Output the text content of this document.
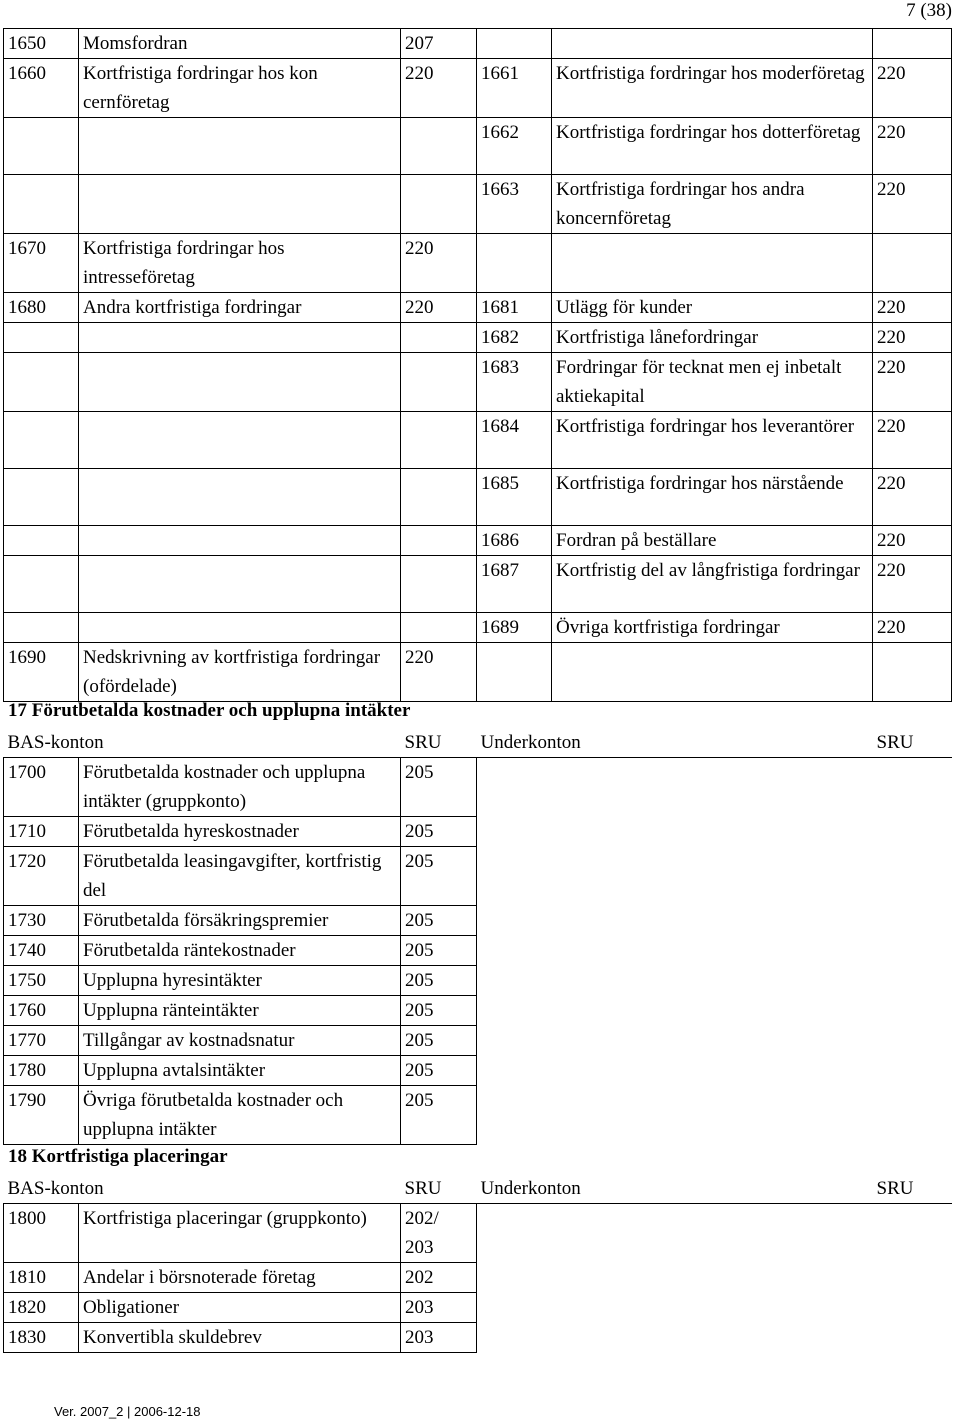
7 (38)
1650	Momsfordran	207			
1660	Kortfristiga fordringar hos kon cernföretag	220	1661	Kortfristiga fordringar hos moderföretag	220
			1662	Kortfristiga fordringar hos dotterföretag	220
			1663	Kortfristiga fordringar hos andra koncernföretag	220
1670	Kortfristiga fordringar hos intresseföretag	220			
1680	Andra kortfristiga fordringar	220	1681	Utlägg för kunder	220
			1682	Kortfristiga lånefordringar	220
			1683	Fordringar för tecknat men ej inbetalt aktiekapital	220
			1684	Kortfristiga fordringar hos leverantörer	220
			1685	Kortfristiga fordringar hos närstående	220
			1686	Fordran på beställare	220
			1687	Kortfristig del av långfristiga fordringar	220
			1689	Övriga kortfristiga fordringar	220
1690	Nedskrivning av kortfristiga fordringar (ofördelade)	220			
17 Förutbetalda kostnader och upplupna intäkter
BAS-konton		SRU	Underkonton	SRU
1700	Förutbetalda kostnader och upplupna intäkter (gruppkonto)	205		
1710	Förutbetalda hyreskostnader	205		
1720	Förutbetalda leasingavgifter, kortfristig del	205		
1730	Förutbetalda försäkringspremier	205		
1740	Förutbetalda räntekostnader	205		
1750	Upplupna hyresintäkter	205		
1760	Upplupna ränteintäkter	205		
1770	Tillgångar av kostnadsnatur	205		
1780	Upplupna avtalsintäkter	205		
1790	Övriga förutbetalda kostnader och upplupna intäkter	205		
18 Kortfristiga placeringar
BAS-konton		SRU	Underkonton	SRU
1800	Kortfristiga placeringar (gruppkonto)	202/ 203		
1810	Andelar i börsnoterade företag	202		
1820	Obligationer	203		
1830	Konvertibla skuldebrev	203		
Ver. 2007_2 | 2006-12-18
